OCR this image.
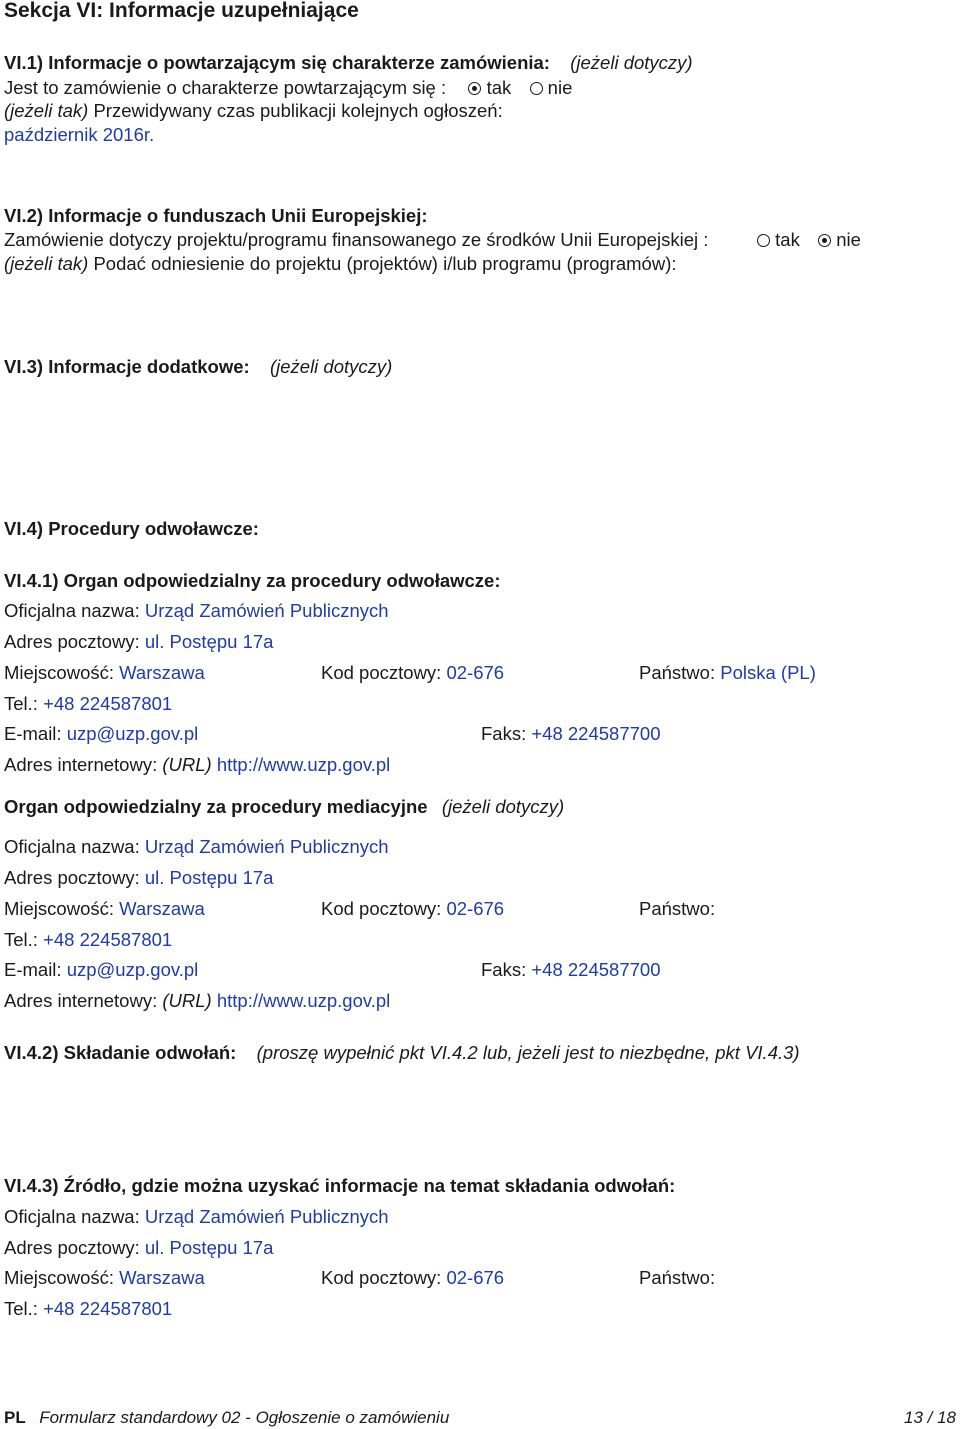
Sekcja VI: Informacje uzupełniające
VI.1) Informacje o powtarzającym się charakterze zamówienia: (jeżeli dotyczy)
Jest to zamówienie o charakterze powtarzającym się : tak nie
(jeżeli tak) Przewidywany czas publikacji kolejnych ogłoszeń:
październik 2016r.
VI.2) Informacje o funduszach Unii Europejskiej:
Zamówienie dotyczy projektu/programu finansowanego ze środków Unii Europejskiej :	tak nie
(jeżeli tak) Podać odniesienie do projektu (projektów) i/lub programu (programów):
VI.3) Informacje dodatkowe: (jeżeli dotyczy)
VI.4) Procedury odwoławcze:
VI.4.1) Organ odpowiedzialny za procedury odwoławcze:
Oficjalna nazwa: Urząd Zamówień Publicznych
Adres pocztowy: ul. Postępu 17a
Miejscowość: Warszawa	Kod pocztowy: 02-676	Państwo: Polska (PL)
Tel.: +48 224587801
E-mail: uzp@uzp.gov.pl	Faks: +48 224587700
Adres internetowy: (URL) http://www.uzp.gov.pl
Organ odpowiedzialny za procedury mediacyjne (jeżeli dotyczy)
Oficjalna nazwa: Urząd Zamówień Publicznych
Adres pocztowy: ul. Postępu 17a
Miejscowość: Warszawa	Kod pocztowy: 02-676	Państwo:
Tel.: +48 224587801
E-mail: uzp@uzp.gov.pl	Faks: +48 224587700
Adres internetowy: (URL) http://www.uzp.gov.pl
VI.4.2) Składanie odwołań: (proszę wypełnić pkt VI.4.2 lub, jeżeli jest to niezbędne, pkt VI.4.3)
VI.4.3) Źródło, gdzie można uzyskać informacje na temat składania odwołań:
Oficjalna nazwa: Urząd Zamówień Publicznych
Adres pocztowy: ul. Postępu 17a
Miejscowość: Warszawa	Kod pocztowy: 02-676	Państwo:
Tel.: +48 224587801
PL Formularz standardowy 02 - Ogłoszenie o zamówieniu	13 / 18
